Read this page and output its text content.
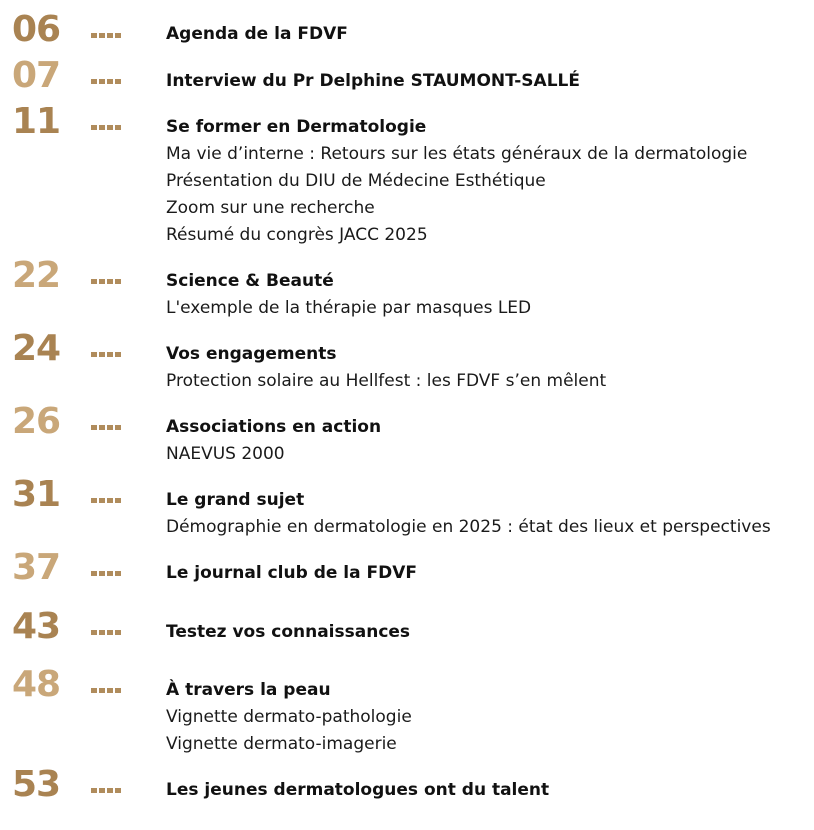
06	Agenda de la FDVF
07	Interview du Pr Delphine STAUMONT-SALLÉ
11	Se former en Dermatologie
Ma vie d’interne : Retours sur les états généraux de la dermatologie
Présentation du DIU de Médecine Esthétique
Zoom sur une recherche
Résumé du congrès JACC 2025
22	Science & Beauté
L'exemple de la thérapie par masques LED
24	Vos engagements
Protection solaire au Hellfest : les FDVF s’en mêlent
26	Associations en action
NAEVUS 2000
31	Le grand sujet
Démographie en dermatologie en 2025 : état des lieux et perspectives
37	Le journal club de la FDVF
43	Testez vos connaissances
48	À travers la peau
Vignette dermato-pathologie
Vignette dermato-imagerie
53	Les jeunes dermatologues ont du talent
